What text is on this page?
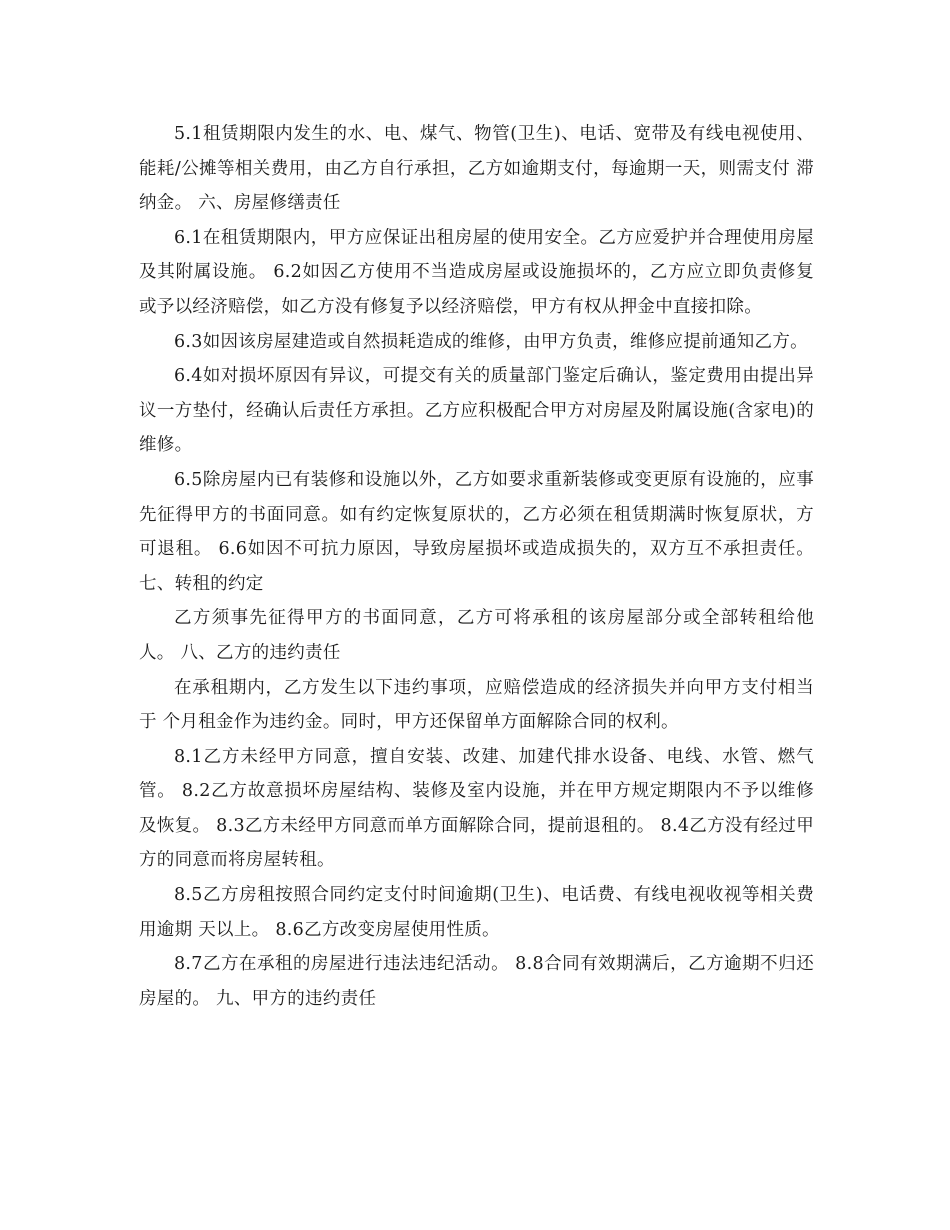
5.1租赁期限内发生的水、电、煤气、物管(卫生)、电话、宽带及有线电视使用、能耗/公摊等相关费用，由乙方自行承担，乙方如逾期支付，每逾期一天，则需支付 滞纳金。 六、房屋修缮责任

6.1在租赁期限内，甲方应保证出租房屋的使用安全。乙方应爱护并合理使用房屋及其附属设施。 6.2如因乙方使用不当造成房屋或设施损坏的，乙方应立即负责修复或予以经济赔偿，如乙方没有修复予以经济赔偿，甲方有权从押金中直接扣除。

6.3如因该房屋建造或自然损耗造成的维修，由甲方负责，维修应提前通知乙方。

6.4如对损坏原因有异议，可提交有关的质量部门鉴定后确认，鉴定费用由提出异议一方垫付，经确认后责任方承担。乙方应积极配合甲方对房屋及附属设施(含家电)的维修。

6.5除房屋内已有装修和设施以外，乙方如要求重新装修或变更原有设施的，应事先征得甲方的书面同意。如有约定恢复原状的，乙方必须在租赁期满时恢复原状，方可退租。 6.6如因不可抗力原因，导致房屋损坏或造成损失的，双方互不承担责任。 七、转租的约定

乙方须事先征得甲方的书面同意，乙方可将承租的该房屋部分或全部转租给他人。 八、乙方的违约责任

在承租期内，乙方发生以下违约事项，应赔偿造成的经济损失并向甲方支付相当于 个月租金作为违约金。同时，甲方还保留单方面解除合同的权利。

8.1乙方未经甲方同意，擅自安装、改建、加建代排水设备、电线、水管、燃气管。 8.2乙方故意损坏房屋结构、装修及室内设施，并在甲方规定期限内不予以维修及恢复。 8.3乙方未经甲方同意而单方面解除合同，提前退租的。 8.4乙方没有经过甲方的同意而将房屋转租。

8.5乙方房租按照合同约定支付时间逾期(卫生)、电话费、有线电视收视等相关费用逾期 天以上。 8.6乙方改变房屋使用性质。

8.7乙方在承租的房屋进行违法违纪活动。 8.8合同有效期满后，乙方逾期不归还房屋的。 九、甲方的违约责任
